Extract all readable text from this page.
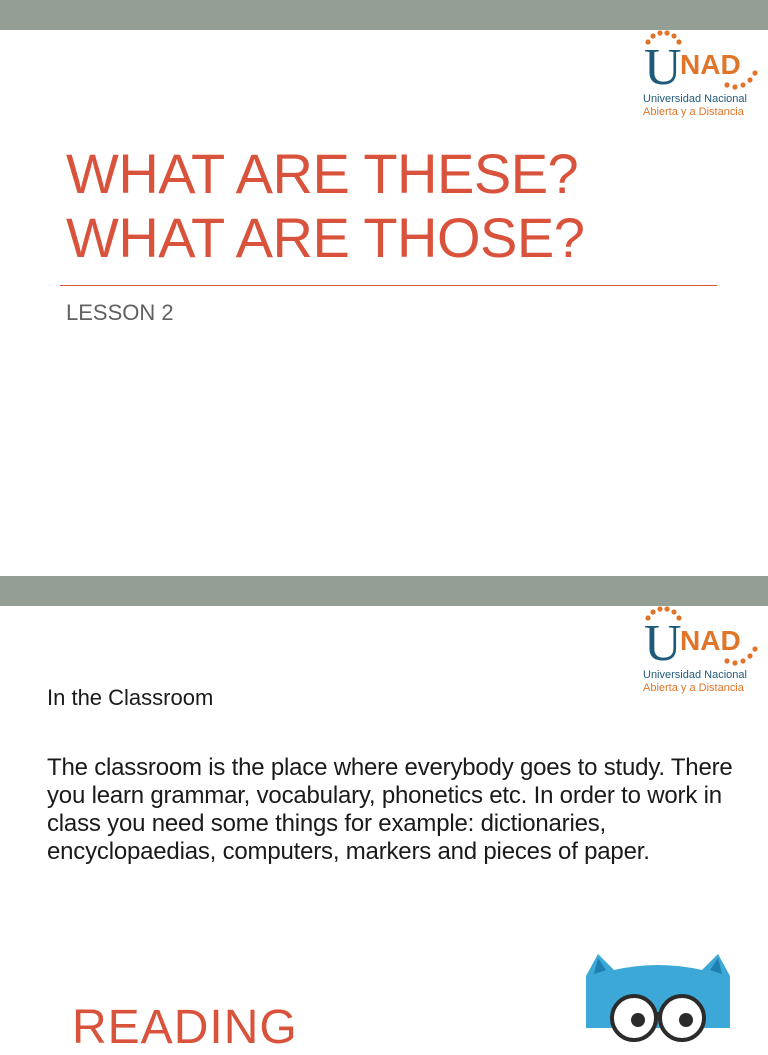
U
NAD
Universidad Nacional
Abierta y a Distancia
WHAT ARE THESE?
WHAT ARE THOSE?
LESSON 2
U
NAD
Universidad Nacional
Abierta y a Distancia
In the Classroom

The classroom is the place where everybody goes to study. There you learn grammar, vocabulary, phonetics etc. In order to work in class you need some things for example: dictionaries, encyclopaedias, computers, markers and pieces of paper.

READING
